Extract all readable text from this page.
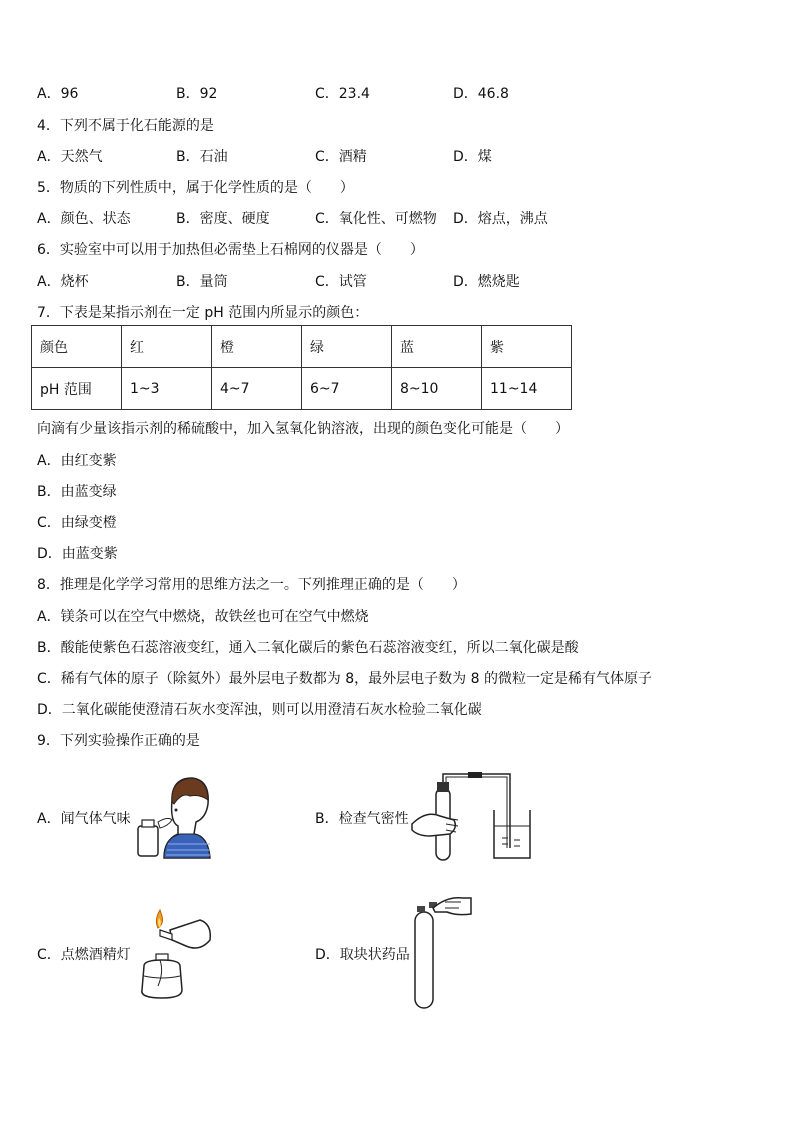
A．96	B．92	C．23.4	D．46.8
4．下列不属于化石能源的是
A．天然气	B．石油	C．酒精	D．煤
5．物质的下列性质中，属于化学性质的是（　　）
A．颜色、状态	B．密度、硬度	C．氧化性、可燃物 D．熔点，沸点
6．实验室中可以用于加热但必需垫上石棉网的仪器是（　　）
A．烧杯	B．量筒	C．试管	D．燃烧匙
7．下表是某指示剂在一定 pH 范围内所显示的颜色：
颜色	红	橙	绿	蓝	紫
pH 范围	1~3	4~7	6~7	8~10	11~14
向滴有少量该指示剂的稀硫酸中，加入氢氧化钠溶液，出现的颜色变化可能是（　　）
A．由红变紫
B．由蓝变绿
C．由绿变橙
D．由蓝变紫
8．推理是化学学习常用的思维方法之一。下列推理正确的是（　　）
A．镁条可以在空气中燃烧，故铁丝也可在空气中燃烧
B．酸能使紫色石蕊溶液变红，通入二氧化碳后的紫色石蕊溶液变红，所以二氧化碳是酸
C．稀有气体的原子（除氦外）最外层电子数都为 8，最外层电子数为 8 的微粒一定是稀有气体原子
D．二氧化碳能使澄清石灰水变浑浊，则可以用澄清石灰水检验二氧化碳
9．下列实验操作正确的是
A．闻气体气味	B．检查气密性
C．点燃酒精灯	D．取块状药品
